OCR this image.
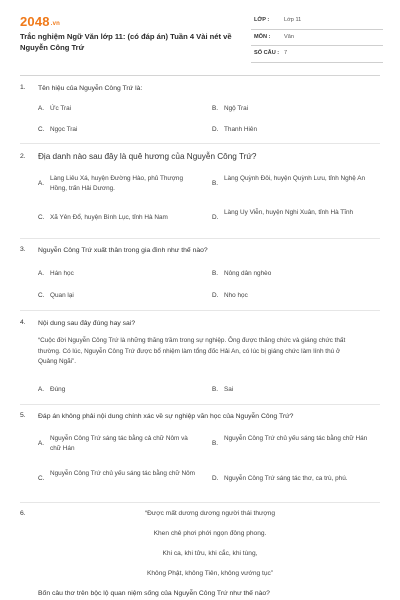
2048.vn
Trắc nghiệm Ngữ Văn lớp 11: (có đáp án) Tuần 4 Vài nét về Nguyễn Công Trứ
LỚP :	Lớp 11
MÔN : Văn
SỐ CÂU : 7
1. Tên hiệu của Nguyễn Công Trứ là:
A. Ức Trai	B. Ngộ Trai
C. Ngọc Trai	D. Thanh Hiên
2. Địa danh nào sau đây là quê hương của Nguyễn Công Trứ?
A.
Làng Liêu Xá, huyện Đường Hào, phủ Thượng Hồng, trấn Hải Dương.
B.
Làng Quỳnh Đôi, huyện Quỳnh Lưu, tỉnh Nghệ An
C. Xã Yên Đổ, huyện Bình Lục, tỉnh Hà Nam	D.
Làng Uy Viễn, huyện Nghi Xuân, tỉnh Hà Tĩnh
3. Nguyễn Công Trứ xuất thân trong gia đình như thế nào?
A. Hán học	B. Nông dân nghèo
C. Quan lại	D. Nho học
4. Nội dung sau đây đúng hay sai?
“Cuộc đời Nguyễn Công Trứ là những thăng trầm trong sự nghiệp. Ông được thăng chức và giáng chức thất thường. Có lúc, Nguyễn Công Trứ được bổ nhiệm làm tổng đốc Hải An, có lúc bị giáng chức làm lính thú ở Quảng Ngãi”.
A. Đúng	B. Sai
5. Đáp án không phải nội dung chính xác về sự nghiệp văn học của Nguyễn Công Trứ?
A.
Nguyễn Công Trứ sáng tác bằng cả chữ Nôm và chữ Hán
B.
Nguyễn Công Trứ chủ yếu sáng tác bằng chữ Hán
C.
Nguyễn Công Trứ chủ yếu sáng tác bằng chữ Nôm
D. Nguyễn Công Trứ sáng tác thơ, ca trù, phú.
6.	“Được mất dương dương người thái thượng
Khen chê phơi phới ngọn đông phong.
Khi ca, khi tửu, khi cắc, khi tùng,
Không Phật, không Tiên, không vướng tục”
Bốn câu thơ trên bộc lộ quan niệm sống của Nguyễn Công Trứ như thế nào?
